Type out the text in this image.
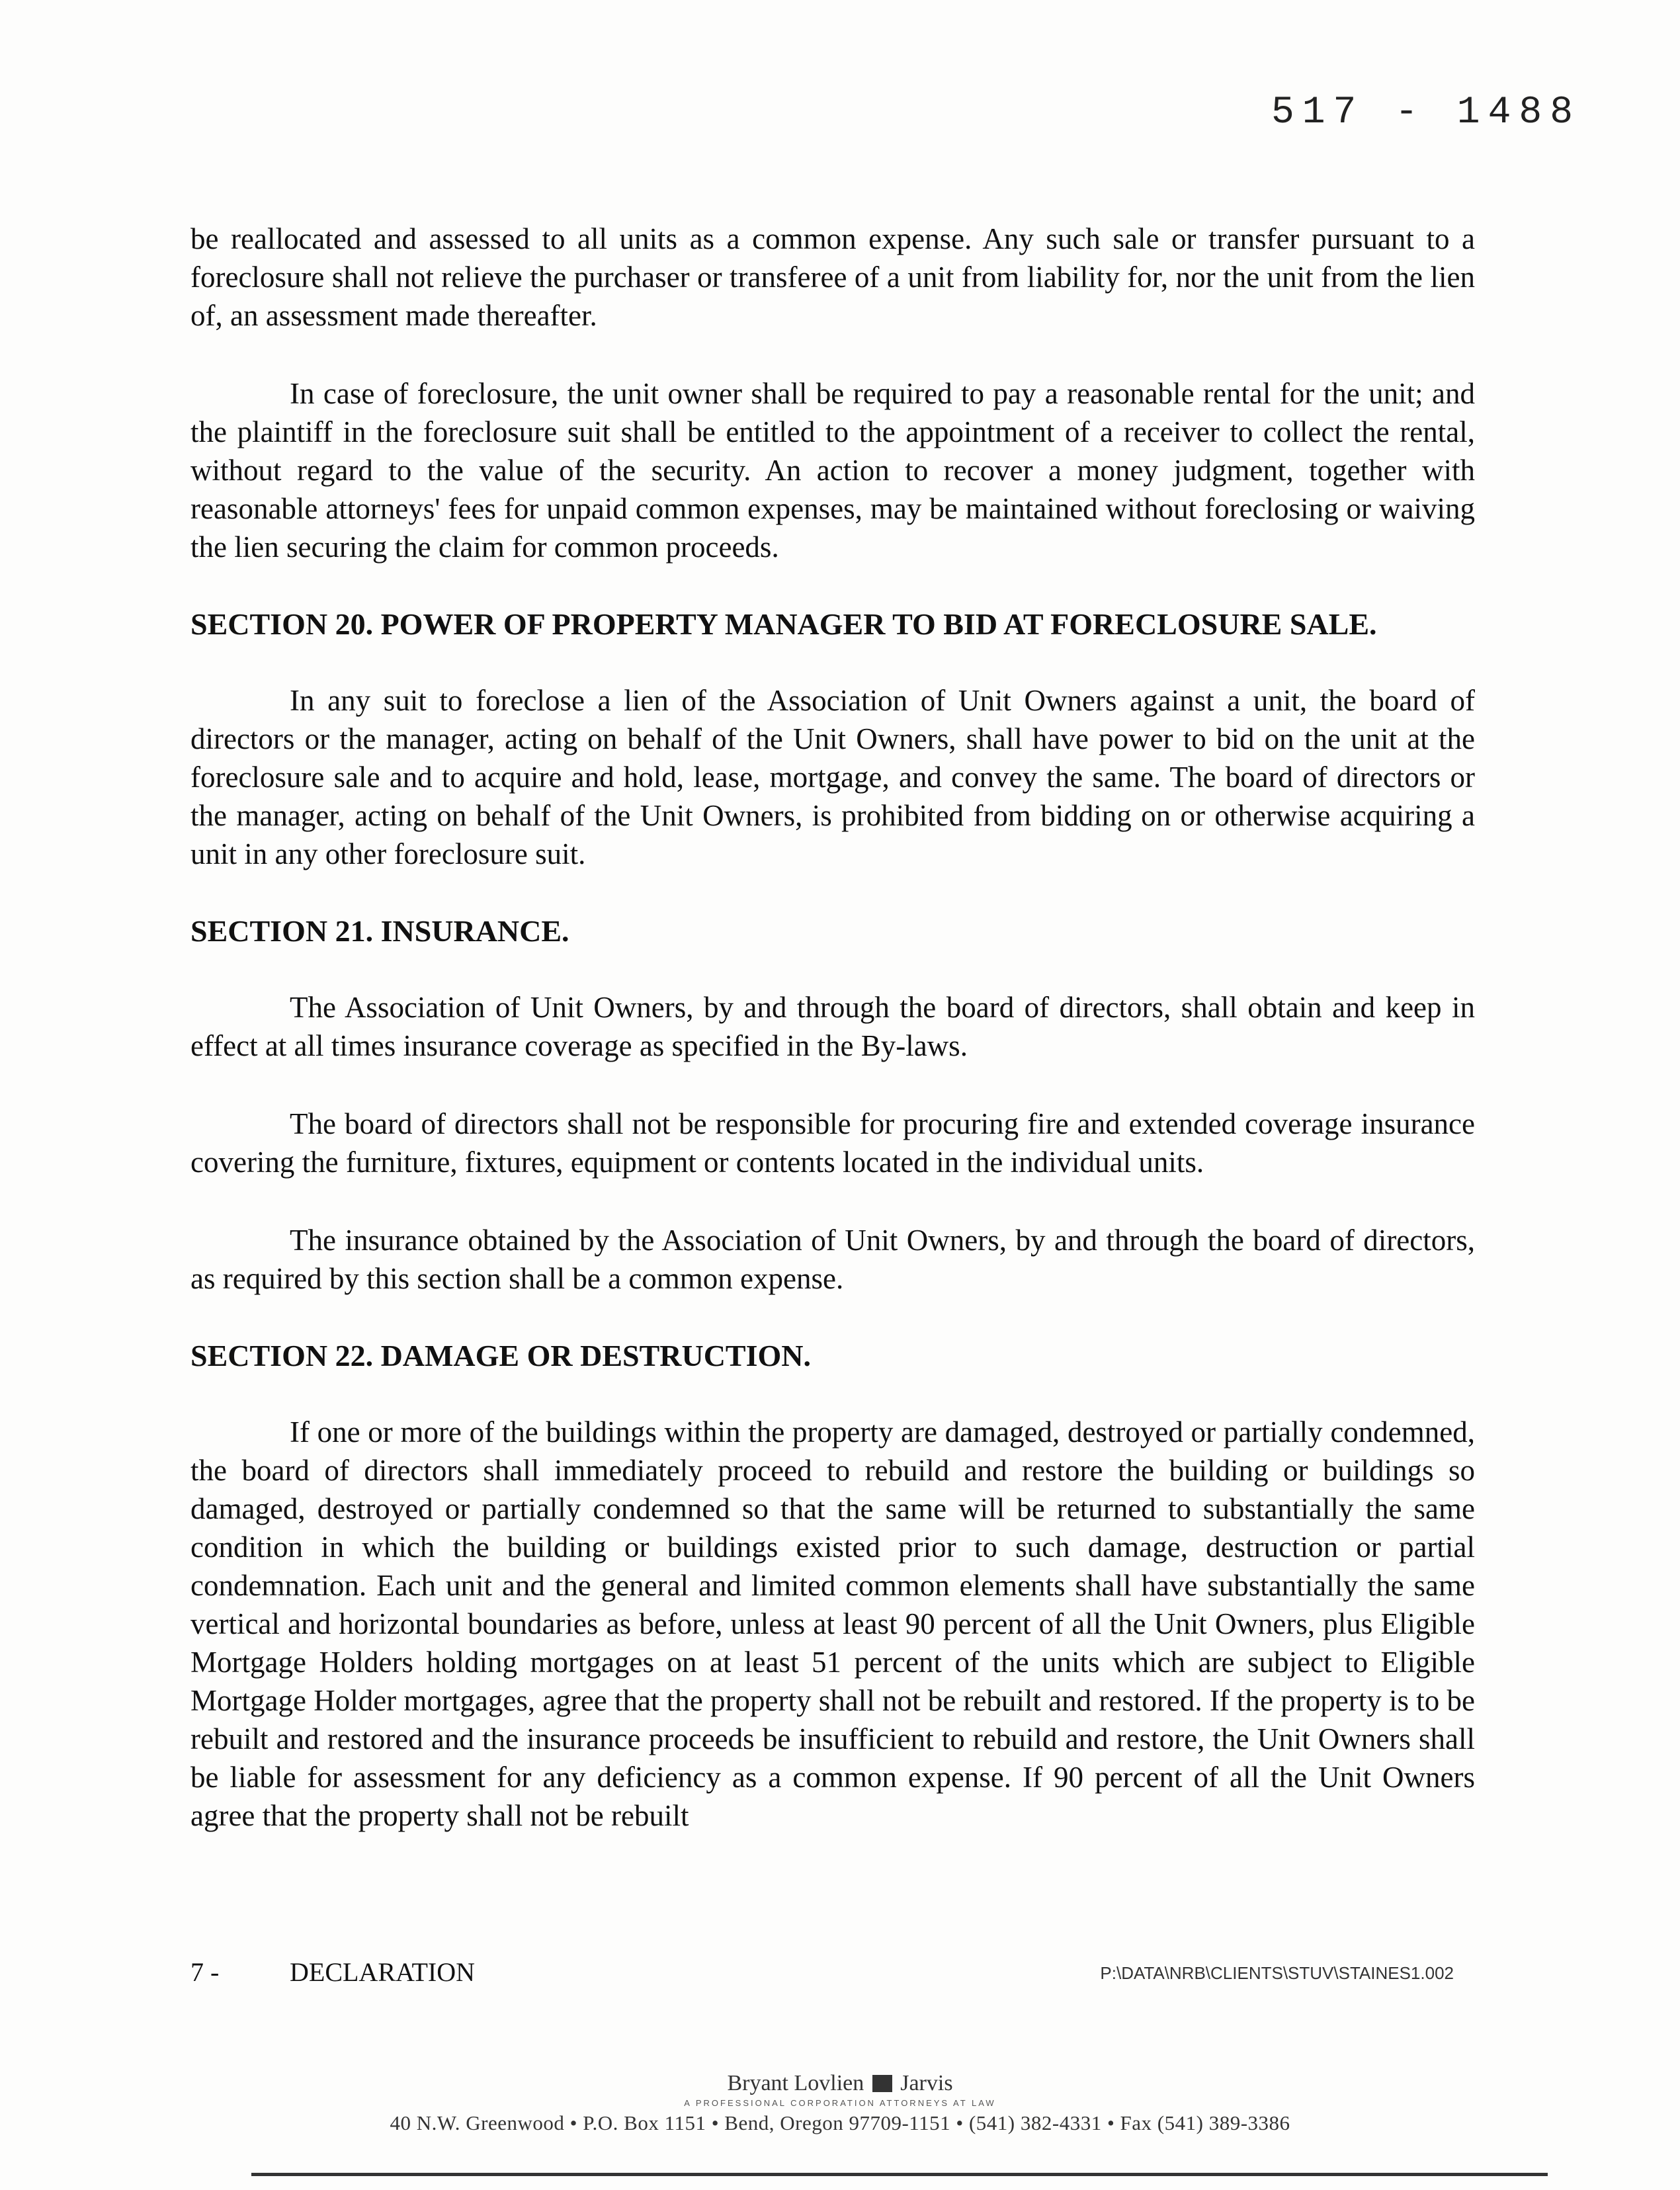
517 - 1488

be reallocated and assessed to all units as a common expense. Any such sale or transfer pursuant to a foreclosure shall not relieve the purchaser or transferee of a unit from liability for, nor the unit from the lien of, an assessment made thereafter.

In case of foreclosure, the unit owner shall be required to pay a reasonable rental for the unit; and the plaintiff in the foreclosure suit shall be entitled to the appointment of a receiver to collect the rental, without regard to the value of the security. An action to recover a money judgment, together with reasonable attorneys' fees for unpaid common expenses, may be maintained without foreclosing or waiving the lien securing the claim for common proceeds.

SECTION 20. POWER OF PROPERTY MANAGER TO BID AT FORECLOSURE SALE.

In any suit to foreclose a lien of the Association of Unit Owners against a unit, the board of directors or the manager, acting on behalf of the Unit Owners, shall have power to bid on the unit at the foreclosure sale and to acquire and hold, lease, mortgage, and convey the same. The board of directors or the manager, acting on behalf of the Unit Owners, is prohibited from bidding on or otherwise acquiring a unit in any other foreclosure suit.

SECTION 21. INSURANCE.

The Association of Unit Owners, by and through the board of directors, shall obtain and keep in effect at all times insurance coverage as specified in the By-laws.

The board of directors shall not be responsible for procuring fire and extended coverage insurance covering the furniture, fixtures, equipment or contents located in the individual units.

The insurance obtained by the Association of Unit Owners, by and through the board of directors, as required by this section shall be a common expense.

SECTION 22. DAMAGE OR DESTRUCTION.

If one or more of the buildings within the property are damaged, destroyed or partially condemned, the board of directors shall immediately proceed to rebuild and restore the building or buildings so damaged, destroyed or partially condemned so that the same will be returned to substantially the same condition in which the building or buildings existed prior to such damage, destruction or partial condemnation. Each unit and the general and limited common elements shall have substantially the same vertical and horizontal boundaries as before, unless at least 90 percent of all the Unit Owners, plus Eligible Mortgage Holders holding mortgages on at least 51 percent of the units which are subject to Eligible Mortgage Holder mortgages, agree that the property shall not be rebuilt and restored. If the property is to be rebuilt and restored and the insurance proceeds be insufficient to rebuild and restore, the Unit Owners shall be liable for assessment for any deficiency as a common expense. If 90 percent of all the Unit Owners agree that the property shall not be rebuilt

7 -	DECLARATION	P:\DATA\NRB\CLIENTS\STUV\STAINES1.002
Bryant Lovlien Jarvis
A PROFESSIONAL CORPORATION ATTORNEYS AT LAW
40 N.W. Greenwood • P.O. Box 1151 • Bend, Oregon 97709-1151 • (541) 382-4331 • Fax (541) 389-3386
